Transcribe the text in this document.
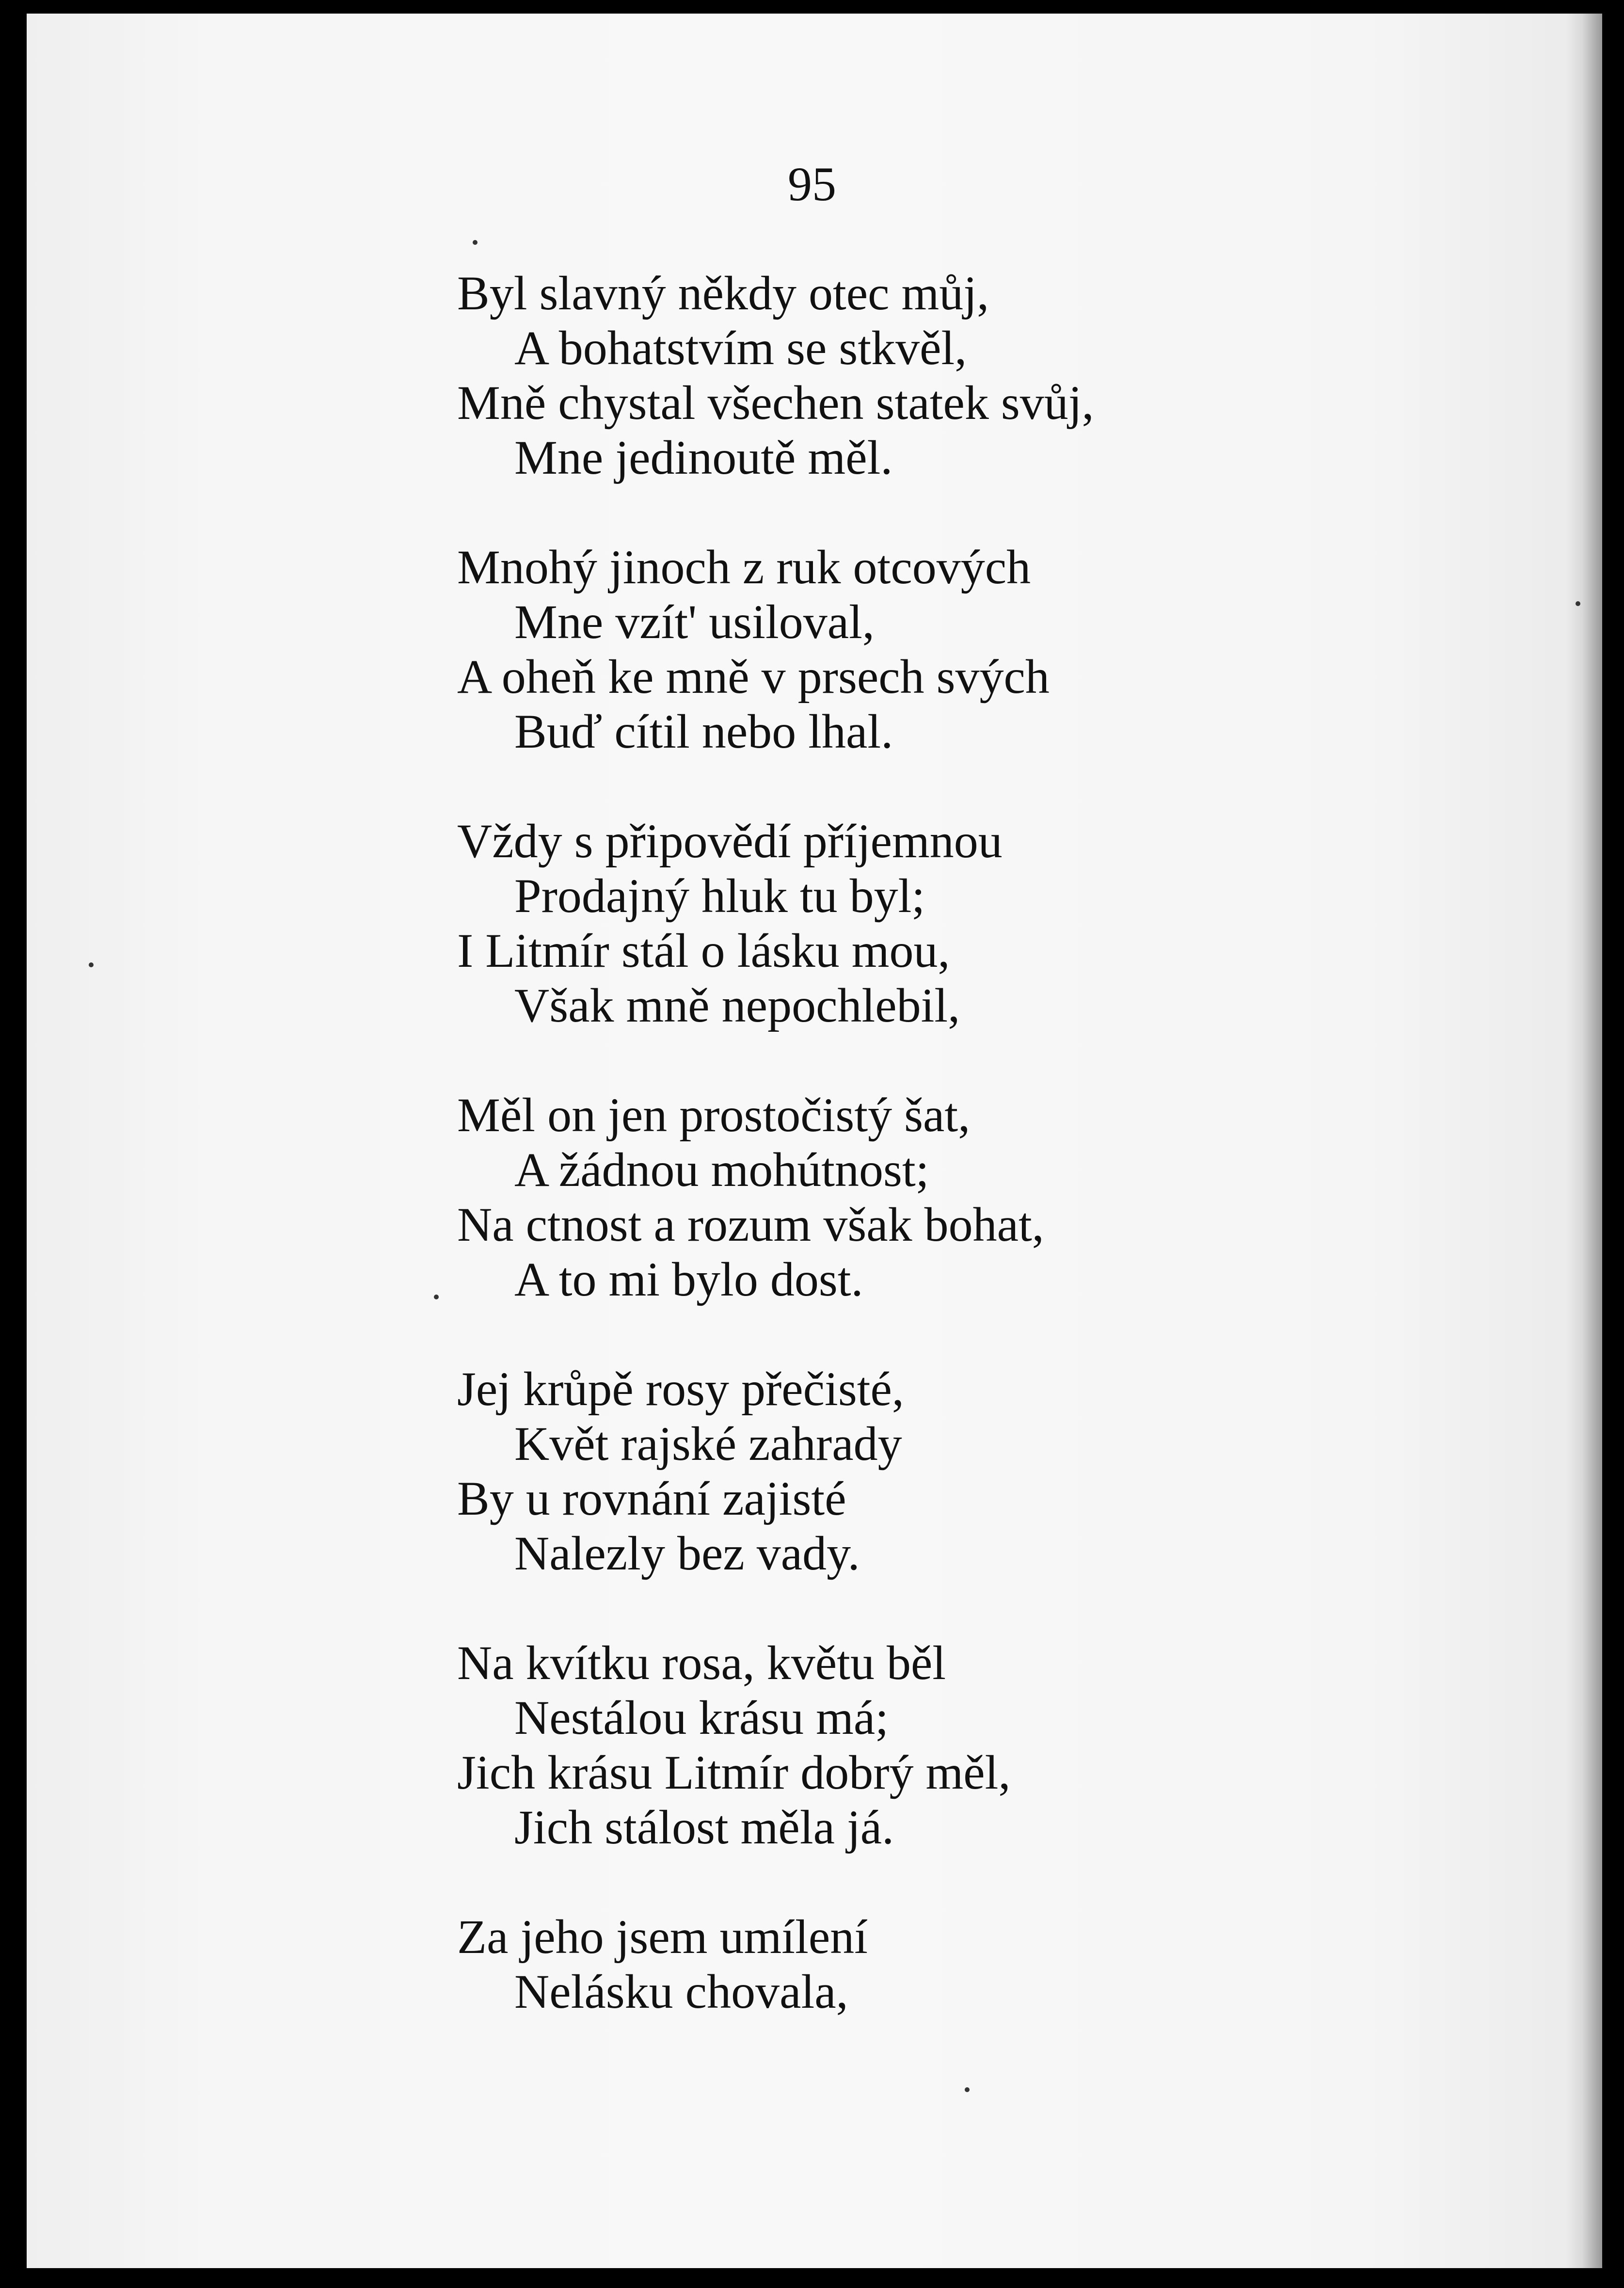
95
Byl slavný někdy otec můj,
A bohatstvím se stkvěl,
Mně chystal všechen statek svůj,
Mne jedinoutě měl.
Mnohý jinoch z ruk otcových
Mne vzít' usiloval,
A oheň ke mně v prsech svých
Buď cítil nebo lhal.
Vždy s připovědí příjemnou
Prodajný hluk tu byl;
I Litmír stál o lásku mou,
Však mně nepochlebil,
Měl on jen prostočistý šat,
A žádnou mohútnost;
Na ctnost a rozum však bohat,
A to mi bylo dost.
Jej krůpě rosy přečisté,
Květ rajské zahrady
By u rovnání zajisté
Nalezly bez vady.
Na kvítku rosa, květu běl
Nestálou krásu má;
Jich krásu Litmír dobrý měl,
Jich stálost měla já.
Za jeho jsem umílení
Nelásku chovala,
